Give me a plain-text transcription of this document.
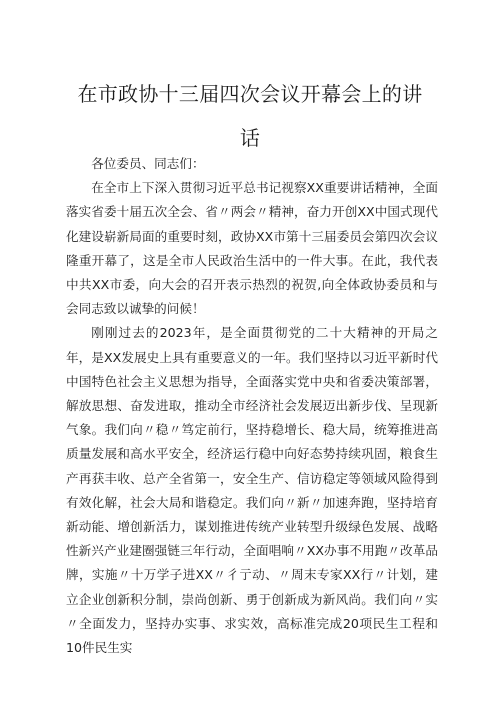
在市政协十三届四次会议开幕会上的讲
话

各位委员、同志们：

在全市上下深入贯彻习近平总书记视察XX重要讲话精神，全面落实省委十届五次全会、省〃两会〃精神，奋力开创XX中国式现代化建设崭新局面的重要时刻，政协XX市第十三届委员会第四次会议隆重开幕了，这是全市人民政治生活中的一件大事。在此，我代表中共XX市委，向大会的召开表示热烈的祝贺,向全体政协委员和与会同志致以诚挚的问候！

刚刚过去的2023年，是全面贯彻党的二十大精神的开局之年，是XX发展史上具有重要意义的一年。我们坚持以习近平新时代中国特色社会主义思想为指导，全面落实党中央和省委决策部署，解放思想、奋发进取，推动全市经济社会发展迈出新步伐、呈现新气象。我们向〃稳〃笃定前行，坚持稳增长、稳大局，统筹推进高质量发展和高水平安全，经济运行稳中向好态势持续巩固，粮食生产再获丰收、总产全省第一，安全生产、信访稳定等领域风险得到有效化解，社会大局和谐稳定。我们向〃新〃加速奔跑，坚持培育新动能、增创新活力，谋划推进传统产业转型升级绿色发展、战略性新兴产业建圈强链三年行动，全面唱响〃XX办事不用跑〃改革品牌，实施〃十万学子进XX〃彳亍动、〃周末专家XX行〃计划，建立企业创新积分制，崇尚创新、勇于创新成为新风尚。我们向〃实〃全面发力，坚持办实事、求实效，高标准完成20项民生工程和10件民生实
